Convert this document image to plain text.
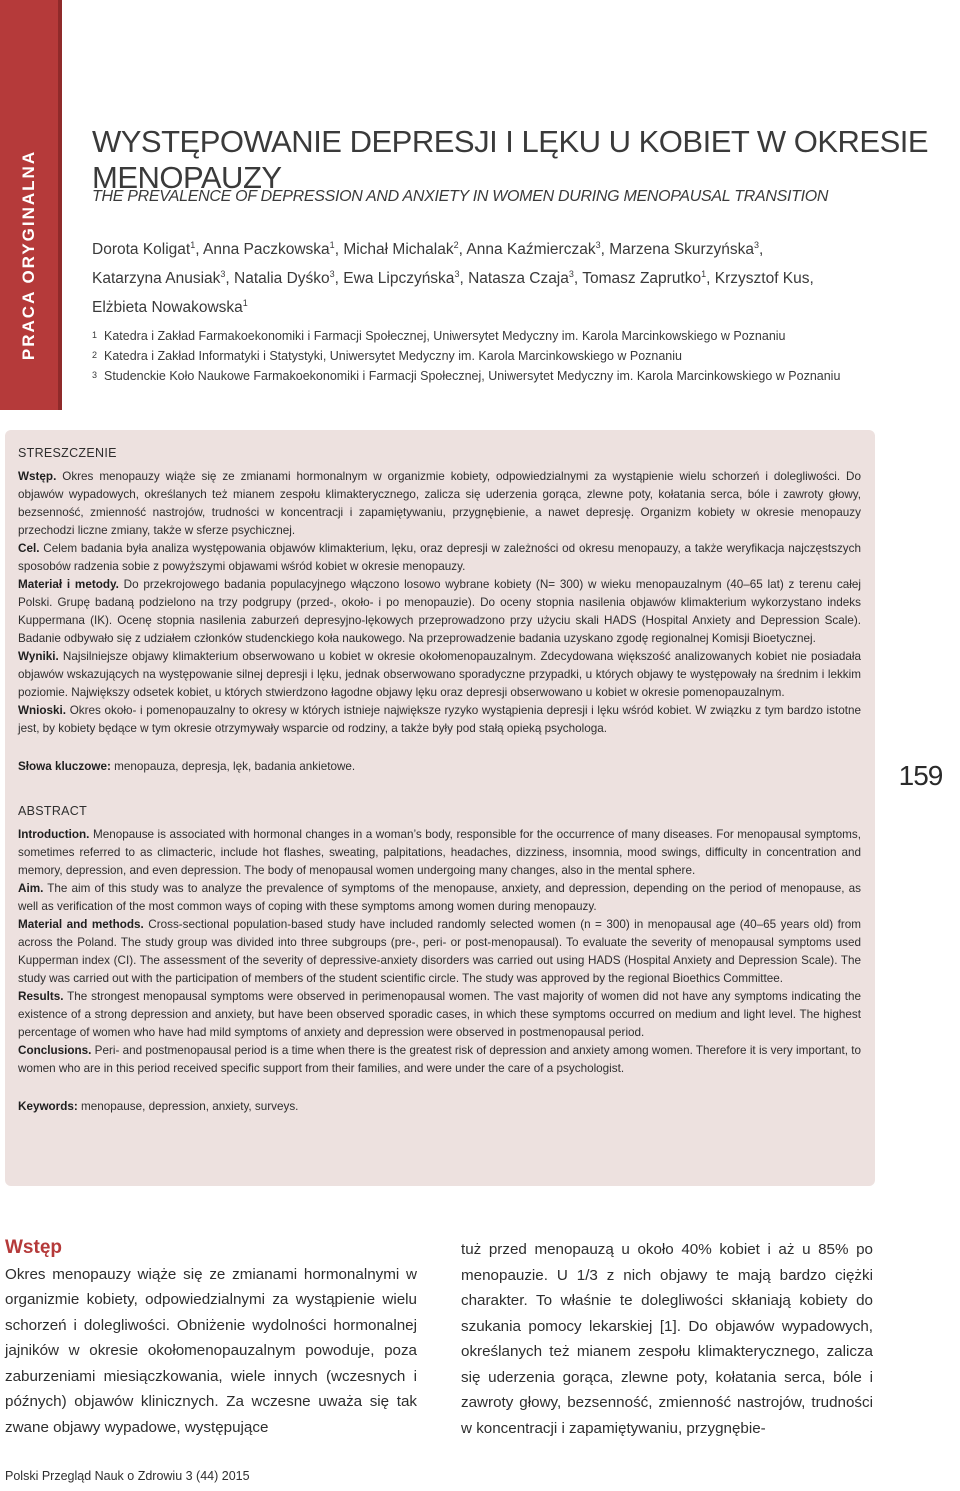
PRACA ORYGINALNA
WYSTĘPOWANIE DEPRESJI I LĘKU U KOBIET W OKRESIE MENOPAUZY
THE PREVALENCE OF DEPRESSION AND ANXIETY IN WOMEN DURING MENOPAUSAL TRANSITION
Dorota Koligat$^1$, Anna Paczkowska$^1$, Michał Michalak$^2$, Anna Kaźmierczak$^3$, Marzena Skurzyńska$^3$,
Katarzyna Anusiak$^3$, Natalia Dyśko$^3$, Ewa Lipczyńska$^3$, Natasza Czaja$^3$, Tomasz Zaprutko$^1$, Krzysztof Kus,
Elżbieta Nowakowska$^1$
1 Katedra i Zakład Farmakoekonomiki i Farmacji Społecznej, Uniwersytet Medyczny im. Karola Marcinkowskiego w Poznaniu
2 Katedra i Zakład Informatyki i Statystyki, Uniwersytet Medyczny im. Karola Marcinkowskiego w Poznaniu
3 Studenckie Koło Naukowe Farmakoekonomiki i Farmacji Społecznej, Uniwersytet Medyczny im. Karola Marcinkowskiego w Poznaniu
STRESZCZENIE

Wstęp. Okres menopauzy wiąże się ze zmianami hormonalnym w organizmie kobiety, odpowiedzialnymi za wystąpienie wielu schorzeń i dolegliwości. Do objawów wypadowych, określanych też mianem zespołu klimakterycznego, zalicza się uderzenia gorąca, zlewne poty, kołatania serca, bóle i zawroty głowy, bezsenność, zmienność nastrojów, trudności w koncentracji i zapamiętywaniu, przygnębienie, a nawet depresję. Organizm kobiety w okresie menopauzy przechodzi liczne zmiany, także w sferze psychicznej.

Cel. Celem badania była analiza występowania objawów klimakterium, lęku, oraz depresji w zależności od okresu menopauzy, a także weryfikacja najczęstszych sposobów radzenia sobie z powyższymi objawami wśród kobiet w okresie menopauzy.

Materiał i metody. Do przekrojowego badania populacyjnego włączono losowo wybrane kobiety (N= 300) w wieku menopauzalnym (40–65 lat) z terenu całej Polski. Grupę badaną podzielono na trzy podgrupy (przed-, około- i po menopauzie). Do oceny stopnia nasilenia objawów klimakterium wykorzystano indeks Kuppermana (IK). Ocenę stopnia nasilenia zaburzeń depresyjno-lękowych przeprowadzono przy użyciu skali HADS (Hospital Anxiety and Depression Scale). Badanie odbywało się z udziałem członków studenckiego koła naukowego. Na przeprowadzenie badania uzyskano zgodę regionalnej Komisji Bioetycznej.

Wyniki. Najsilniejsze objawy klimakterium obserwowano u kobiet w okresie okołomenopauzalnym. Zdecydowana większość analizowanych kobiet nie posiadała objawów wskazujących na występowanie silnej depresji i lęku, jednak obserwowano sporadyczne przypadki, u których objawy te występowały na średnim i lekkim poziomie. Największy odsetek kobiet, u których stwierdzono łagodne objawy lęku oraz depresji obserwowano u kobiet w okresie pomenopauzalnym.

Wnioski. Okres około- i pomenopauzalny to okresy w których istnieje największe ryzyko wystąpienia depresji i lęku wśród kobiet. W związku z tym bardzo istotne jest, by kobiety będące w tym okresie otrzymywały wsparcie od rodziny, a także były pod stałą opieką psychologa.

Słowa kluczowe: menopauza, depresja, lęk, badania ankietowe.

ABSTRACT

Introduction. Menopause is associated with hormonal changes in a woman’s body, responsible for the occurrence of many diseases. For menopausal symptoms, sometimes referred to as climacteric, include hot flashes, sweating, palpitations, headaches, dizziness, insomnia, mood swings, difficulty in concentration and memory, depression, and even depression. The body of menopausal women undergoing many changes, also in the mental sphere.

Aim. The aim of this study was to analyze the prevalence of symptoms of the menopause, anxiety, and depression, depending on the period of menopause, as well as verification of the most common ways of coping with these symptoms among women during menopauzy.

Material and methods. Cross-sectional population-based study have included randomly selected women (n = 300) in menopausal age (40–65 years old) from across the Poland. The study group was divided into three subgroups (pre-, peri- or post-menopausal). To evaluate the severity of menopausal symptoms used Kupperman index (CI). The assessment of the severity of depressive-anxiety disorders was carried out using HADS (Hospital Anxiety and Depression Scale). The study was carried out with the participation of members of the student scientific circle. The study was approved by the regional Bioethics Committee.

Results. The strongest menopausal symptoms were observed in perimenopausal women. The vast majority of women did not have any symptoms indicating the existence of a strong depression and anxiety, but have been observed sporadic cases, in which these symptoms occurred on medium and light level. The highest percentage of women who have had mild symptoms of anxiety and depression were observed in postmenopausal period.

Conclusions. Peri- and postmenopausal period is a time when there is the greatest risk of depression and anxiety among women. Therefore it is very important, to women who are in this period received specific support from their families, and were under the care of a psychologist.

Keywords: menopause, depression, anxiety, surveys.

159
Wstęp

Okres menopauzy wiąże się ze zmianami hormonalnymi w organizmie kobiety, odpowiedzialnymi za wystąpienie wielu schorzeń i dolegliwości. Obniżenie wydolności hormonalnej jajników w okresie okołomenopauzalnym powoduje, poza zaburzeniami miesiączkowania, wiele innych (wczesnych i późnych) objawów klinicznych. Za wczesne uważa się tak zwane objawy wypadowe, występujące

tuż przed menopauzą u około 40% kobiet i aż u 85% po menopauzie. U 1/3 z nich objawy te mają bardzo ciężki charakter. To właśnie te dolegliwości skłaniają kobiety do szukania pomocy lekarskiej [1]. Do objawów wypadowych, określanych też mianem zespołu klimakterycznego, zalicza się uderzenia gorąca, zlewne poty, kołatania serca, bóle i zawroty głowy, bezsenność, zmienność nastrojów, trudności w koncentracji i zapamiętywaniu, przygnębie-

Polski Przegląd Nauk o Zdrowiu 3 (44) 2015
